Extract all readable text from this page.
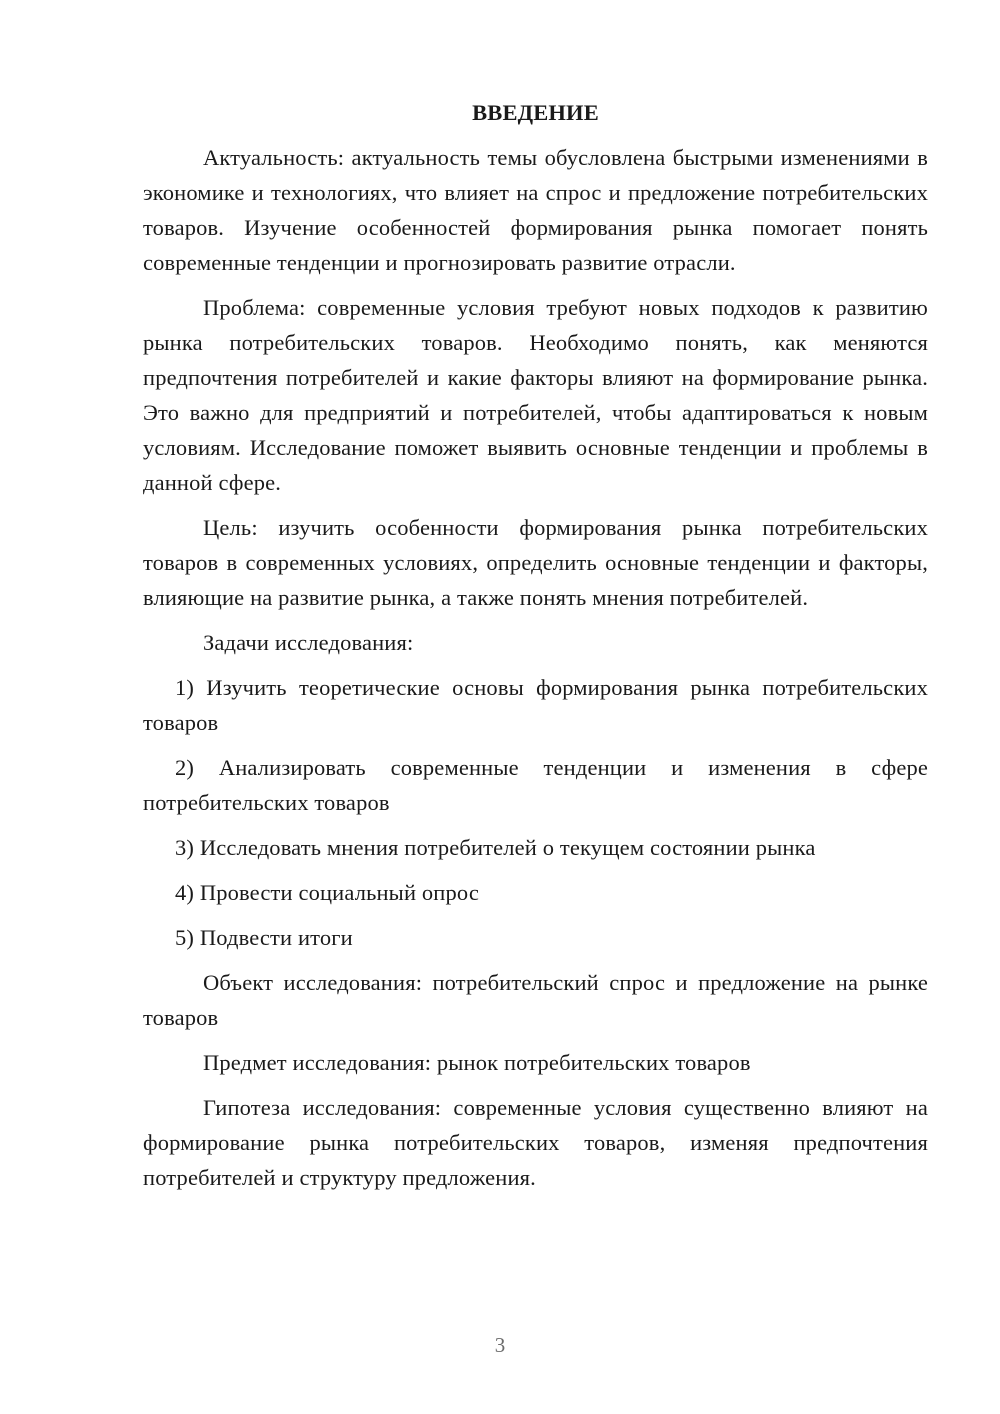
ВВЕДЕНИЕ

Актуальность: актуальность темы обусловлена быстрыми изменениями в экономике и технологиях, что влияет на спрос и предложение потребительских товаров. Изучение особенностей формирования рынка помогает понять современные тенденции и прогнозировать развитие отрасли.

Проблема: современные условия требуют новых подходов к развитию рынка потребительских товаров. Необходимо понять, как меняются предпочтения потребителей и какие факторы влияют на формирование рынка. Это важно для предприятий и потребителей, чтобы адаптироваться к новым условиям. Исследование поможет выявить основные тенденции и проблемы в данной сфере.

Цель: изучить особенности формирования рынка потребительских товаров в современных условиях, определить основные тенденции и факторы, влияющие на развитие рынка, а также понять мнения потребителей.

Задачи исследования:

1) Изучить теоретические основы формирования рынка потребительских товаров

2) Анализировать современные тенденции и изменения в сфере потребительских товаров

3) Исследовать мнения потребителей о текущем состоянии рынка

4) Провести социальный опрос

5) Подвести итоги

Объект исследования: потребительский спрос и предложение на рынке товаров

Предмет исследования: рынок потребительских товаров

Гипотеза исследования: современные условия существенно влияют на формирование рынка потребительских товаров, изменяя предпочтения потребителей и структуру предложения.

3
